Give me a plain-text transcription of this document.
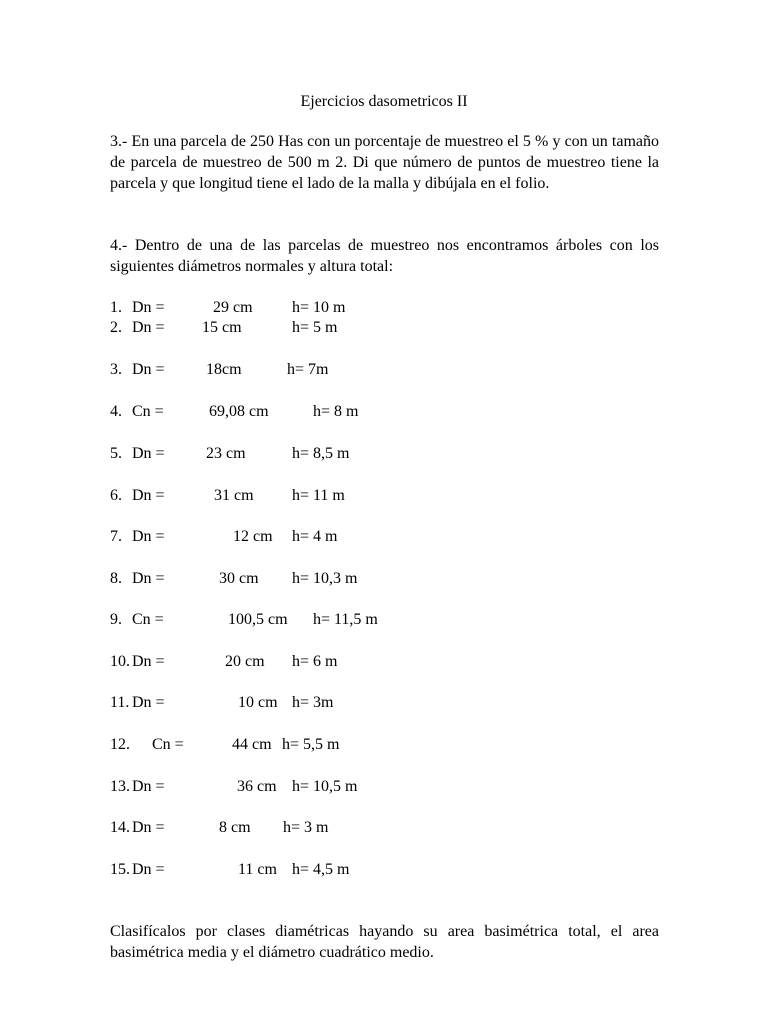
Ejercicios dasometricos II
3.- En una parcela de 250 Has con un porcentaje de muestreo el 5 % y con un tamaño de parcela de muestreo de 500 m 2. Di que número de puntos de muestreo tiene la parcela y que longitud tiene el lado de la malla y dibújala en el folio.
4.- Dentro de una de las parcelas de muestreo nos encontramos árboles con los siguientes diámetros normales y altura total:
1. Dn =	29 cm h= 10 m
2. Dn = 15 cm	h= 5 m
3. Dn =	18cm	h= 7m
4. Cn =	69,08 cm	h= 8 m
5. Dn =	23 cm	h= 8,5 m
6. Dn =	31 cm h= 11 m
7. Dn =	12 cm h= 4 m
8. Dn =	30 cm h= 10,3 m
9. Cn =	100,5 cm h= 11,5 m
10. Dn =	20 cm h= 6 m
11. Dn =	10 cm h= 3m
12. Cn =	44 cm h= 5,5 m
13. Dn =	36 cm h= 10,5 m
14. Dn =	8 cm h= 3 m
15. Dn =	11 cm h= 4,5 m
Clasifícalos por clases diamétricas hayando su area basimétrica total, el area basimétrica media y el diámetro cuadrático medio.
